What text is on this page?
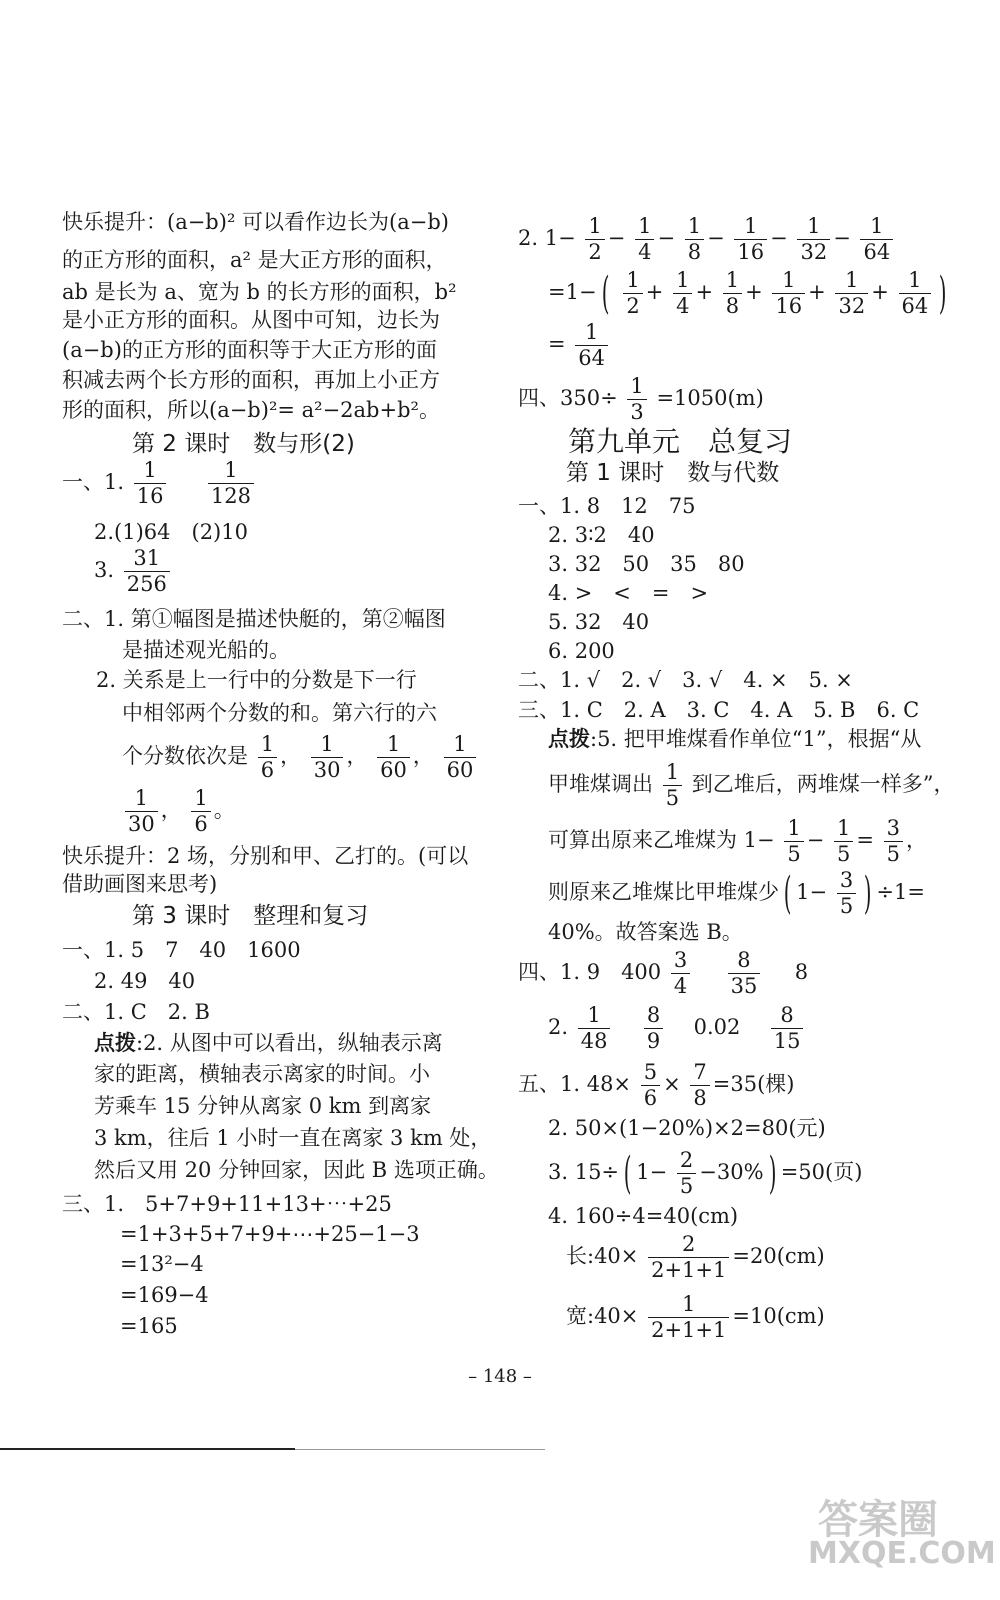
快乐提升：(a−b)² 可以看作边长为(a−b)
的正方形的面积，a² 是大正方形的面积，
ab 是长为 a、宽为 b 的长方形的面积，b²
是小正方形的面积。从图中可知，边长为
(a−b)的正方形的面积等于大正方形的面
积减去两个长方形的面积，再加上小正方
形的面积，所以(a−b)²= a²−2ab+b²。
第 2 课时　数与形(2)
一、1. $\frac{1}{16}$
$\frac{1}{128}$
2.(1)64　(2)10
3. $\frac{31}{256}$
二、1. 第①幅图是描述快艇的，第②幅图
是描述观光船的。
2. 关系是上一行中的分数是下一行
中相邻两个分数的和。第六行的六
个分数依次是 $\frac{1}{6}$ ， $\frac{1}{30}$ ， $\frac{1}{60}$ ， $\frac{1}{60}$
$\frac{1}{30}$ ， $\frac{1}{6}$ 。
快乐提升：2 场，分别和甲、乙打的。(可以
借助画图来思考)
第 3 课时　整理和复习
一、1. 5　7　40　1600
2. 49　40
二、1. C　2. B
点拨:2. 从图中可以看出，纵轴表示离
家的距离，横轴表示离家的时间。小
芳乘车 15 分钟从离家 0 km 到离家
3 km，往后 1 小时一直在离家 3 km 处，
然后又用 20 分钟回家，因此 B 选项正确。
三、1.　5+7+9+11+13+⋯+25
=1+3+5+7+9+⋯+25−1−3
=13²−4
=169−4
=165
2. $1- \frac{1}{2} - \frac{1}{4} - \frac{1}{8} - \frac{1}{16} - \frac{1}{32} - \frac{1}{64}$
=1− ( $\frac{1}{2} + \frac{1}{4} + \frac{1}{8} + \frac{1}{16} + \frac{1}{32} + \frac{1}{64}$ )
= $\frac{1}{64}$
四、$350\div \frac{1}{3} =1050(m)$
第九单元　总复习
第 1 课时　数与代数
一、1. 8　12　75
2. 3∶2　40
3. 32　50　35　80
4. >　<　=　>
5. 32　40
6. 200
二、1. √　2. √　3. √　4. ×　5. ×
三、1. C　2. A　3. C　4. A　5. B　6. C
点拨:5. 把甲堆煤看作单位“1”，根据“从
甲堆煤调出 $\frac{1}{5}$ 到乙堆后，两堆煤一样多”，
可算出原来乙堆煤为 $1- \frac{1}{5} - \frac{1}{5} = \frac{3}{5}$ ，
则原来乙堆煤比甲堆煤少 ( $1- \frac{3}{5}$ ) ÷1=
40%。故答案选 B。
四、1. 9　$400 \frac{3}{4}$
$\frac{8}{35} 8$
2. $\frac{1}{48}$
$\frac{8}{9} 0.02 \frac{8}{15}$
五、1. $48\times \frac{5}{6} \times \frac{7}{8} =35$(棵)
2. 50×(1−20%)×2=80(元)
3. 15÷ ( $1- \frac{2}{5} -30\%$ ) =50(页)
4. 160÷4=40(cm)
长:40× $\frac{2}{2+1+1} =20(cm)$
宽:40× $\frac{1}{2+1+1} =10(cm)$
– 148 –
答案圈
MXQE.COM
